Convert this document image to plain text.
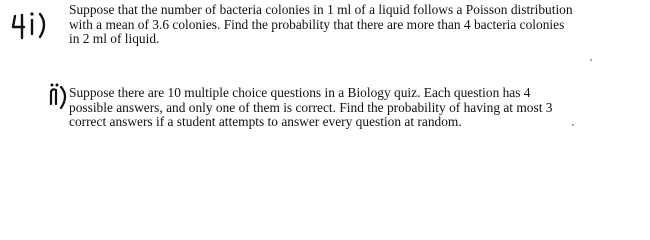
Suppose that the number of bacteria colonies in 1 ml of a liquid follows a Poisson distribution
with a mean of 3.6 colonies. Find the probability that there are more than 4 bacteria colonies
in 2 ml of liquid.
Suppose there are 10 multiple choice questions in a Biology quiz. Each question has 4
possible answers, and only one of them is correct. Find the probability of having at most 3
correct answers if a student attempts to answer every question at random.
